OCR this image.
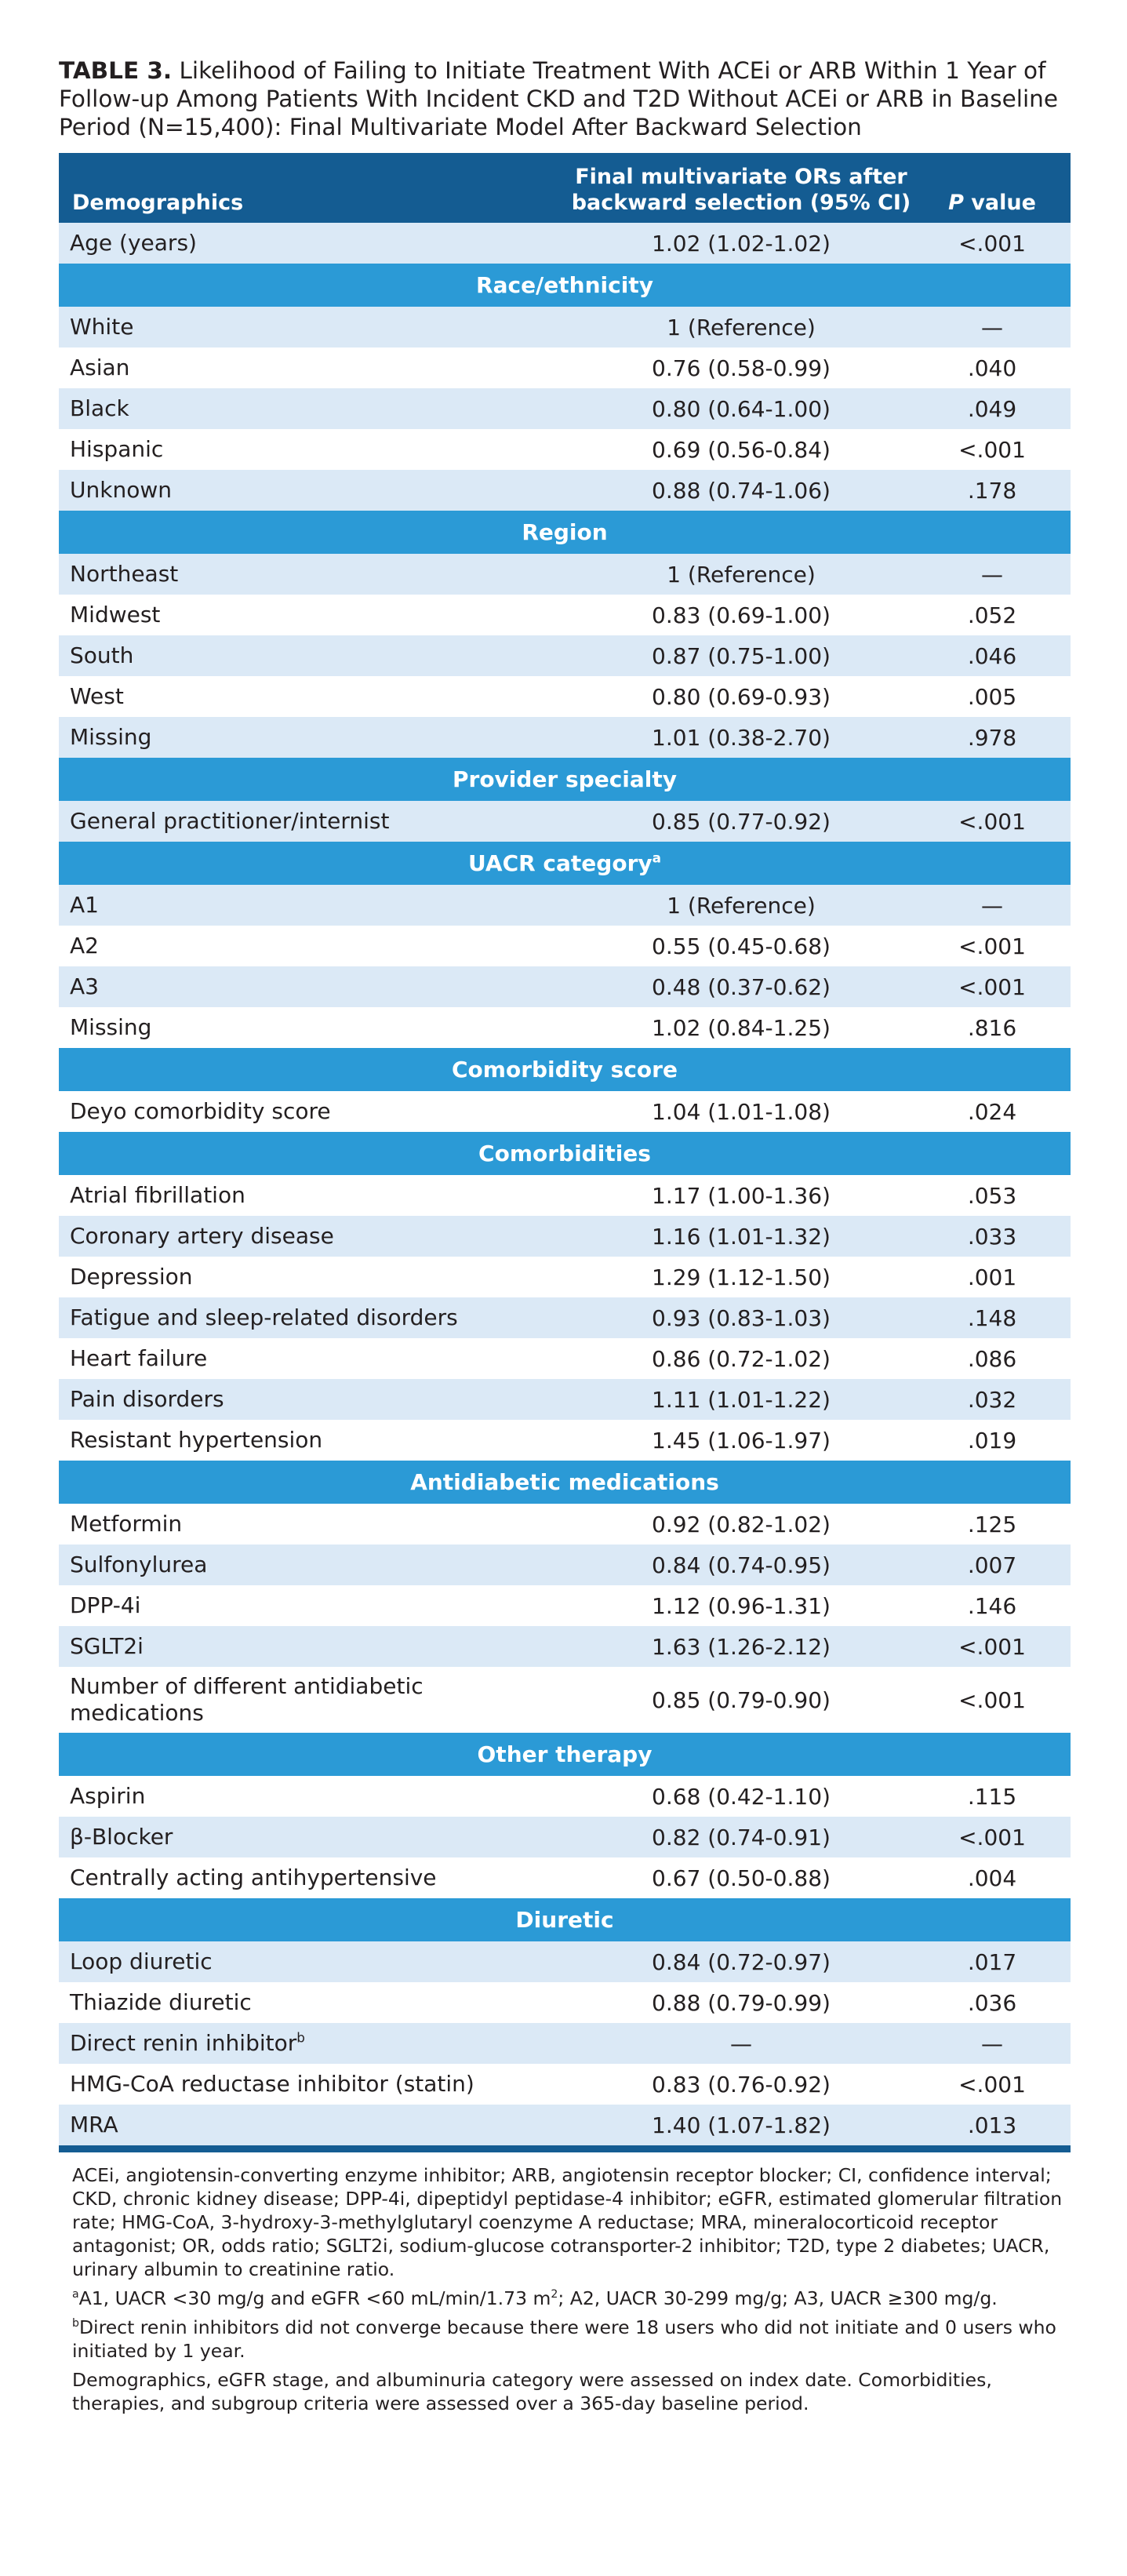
TABLE 3. Likelihood of Failing to Initiate Treatment With ACEi or ARB Within 1 Year of Follow-up Among Patients With Incident CKD and T2D Without ACEi or ARB in Baseline Period (N=15,400): Final Multivariate Model After Backward Selection

Demographics	Final multivariate ORs after
backward selection (95% CI)	P value
Age (years)	1.02 (1.02-1.02)	<.001
Race/ethnicity		
White	1 (Reference)	—
Asian	0.76 (0.58-0.99)	.040
Black	0.80 (0.64-1.00)	.049
Hispanic	0.69 (0.56-0.84)	<.001
Unknown	0.88 (0.74-1.06)	.178
Region		
Northeast	1 (Reference)	—
Midwest	0.83 (0.69-1.00)	.052
South	0.87 (0.75-1.00)	.046
West	0.80 (0.69-0.93)	.005
Missing	1.01 (0.38-2.70)	.978
Provider specialty		
General practitioner/internist	0.85 (0.77-0.92)	<.001
UACR category$^a$
A1	1 (Reference)	—
A2	0.55 (0.45-0.68)	<.001
A3	0.48 (0.37-0.62)	<.001
Missing	1.02 (0.84-1.25)	.816
Comorbidity score		
Deyo comorbidity score	1.04 (1.01-1.08)	.024
Comorbidities		
Atrial fibrillation	1.17 (1.00-1.36)	.053
Coronary artery disease	1.16 (1.01-1.32)	.033
Depression	1.29 (1.12-1.50)	.001
Fatigue and sleep-related disorders	0.93 (0.83-1.03)	.148
Heart failure	0.86 (0.72-1.02)	.086
Pain disorders	1.11 (1.01-1.22)	.032
Resistant hypertension	1.45 (1.06-1.97)	.019
Antidiabetic medications		
Metformin	0.92 (0.82-1.02)	.125
Sulfonylurea	0.84 (0.74-0.95)	.007
DPP-4i	1.12 (0.96-1.31)	.146
SGLT2i	1.63 (1.26-2.12)	<.001
Number of different antidiabetic medications	0.85 (0.79-0.90)	<.001
Other therapy		
Aspirin	0.68 (0.42-1.10)	.115
β-Blocker	0.82 (0.74-0.91)	<.001
Centrally acting antihypertensive	0.67 (0.50-0.88)	.004
Diuretic		
Loop diuretic	0.84 (0.72-0.97)	.017
Thiazide diuretic	0.88 (0.79-0.99)	.036
Direct renin inhibitor$^b$	—	—
HMG-CoA reductase inhibitor (statin)	0.83 (0.76-0.92)	<.001
MRA	1.40 (1.07-1.82)	.013

ACEi, angiotensin-converting enzyme inhibitor; ARB, angiotensin receptor blocker; CI, confidence interval; CKD, chronic kidney disease; DPP-4i, dipeptidyl peptidase-4 inhibitor; eGFR, estimated glomerular filtration rate; HMG-CoA, 3-hydroxy-3-methylglutaryl coenzyme A reductase; MRA, mineralocorticoid receptor antagonist; OR, odds ratio; SGLT2i, sodium-glucose cotransporter-2 inhibitor; T2D, type 2 diabetes; UACR, urinary albumin to creatinine ratio.

$^a$A1, UACR <30 mg/g and eGFR <60 mL/min/1.73 $m^2$; A2, UACR 30-299 mg/g; A3, UACR ≥300 mg/g.

$^b$Direct renin inhibitors did not converge because there were 18 users who did not initiate and 0 users who initiated by 1 year.

Demographics, eGFR stage, and albuminuria category were assessed on index date. Comorbidities, therapies, and subgroup criteria were assessed over a 365-day baseline period.
